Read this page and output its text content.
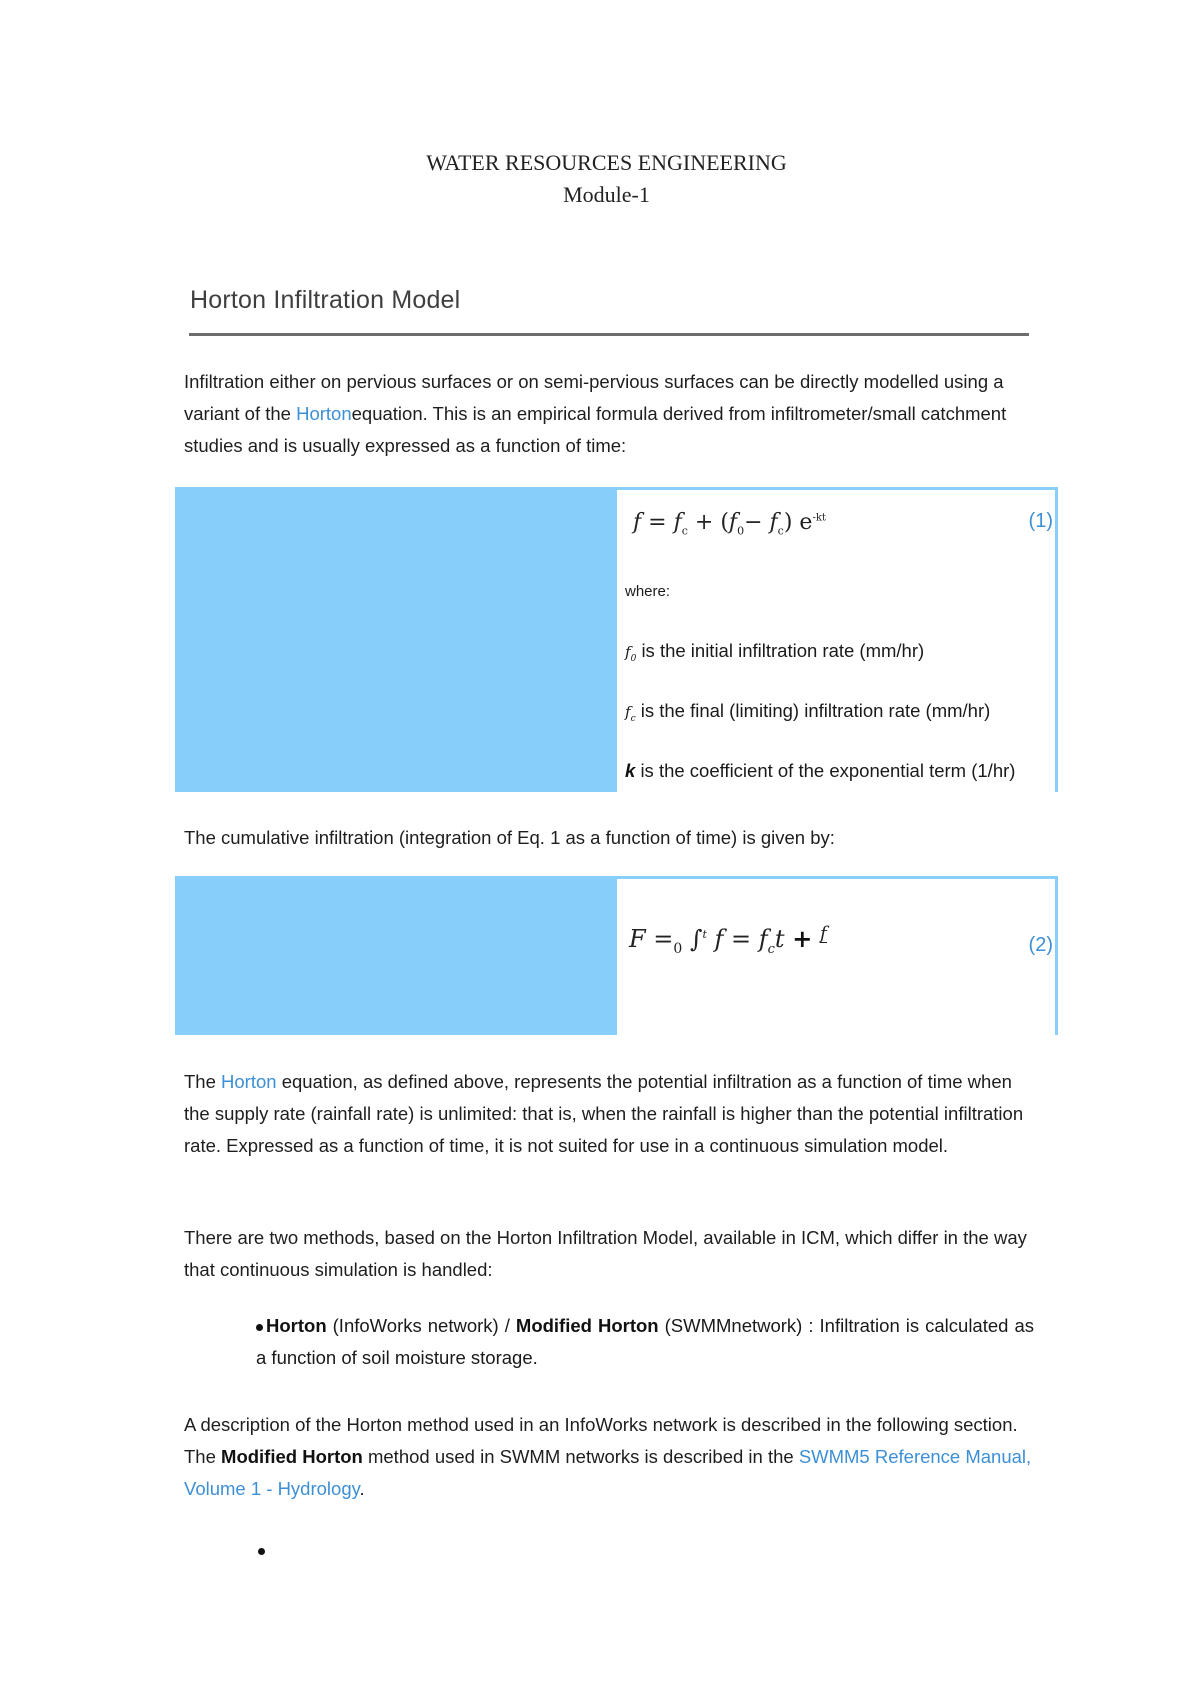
WATER RESOURCES ENGINEERING
Module-1
Horton Infiltration Model
Infiltration either on pervious surfaces or on semi-pervious surfaces can be directly modelled using a variant of the Hortonequation. This is an empirical formula derived from infiltrometer/small catchment studies and is usually expressed as a function of time:
$f = f_c + (f_0- f_c)$ $e^{-kt}$	(1)
where:
$f_0$ is the initial infiltration rate (mm/hr)
$f_c$ is the final (limiting) infiltration rate (mm/hr)
k is the coefficient of the exponential term (1/hr)
The cumulative infiltration (integration of Eq. 1 as a function of time) is given by:
$F =_0$ ∫$^t$ $f = f_ct + f$
(2)
The Horton equation, as defined above, represents the potential infiltration as a function of time when the supply rate (rainfall rate) is unlimited: that is, when the rainfall is higher than the potential infiltration rate. Expressed as a function of time, it is not suited for use in a continuous simulation model.
There are two methods, based on the Horton Infiltration Model, available in ICM, which differ in the way that continuous simulation is handled:
Horton (InfoWorks network) / Modified Horton (SWMMnetwork) : Infiltration is calculated as a function of soil moisture storage.
A description of the Horton method used in an InfoWorks network is described in the following section. The Modified Horton method used in SWMM networks is described in the SWMM5 Reference Manual, Volume 1 - Hydrology.
